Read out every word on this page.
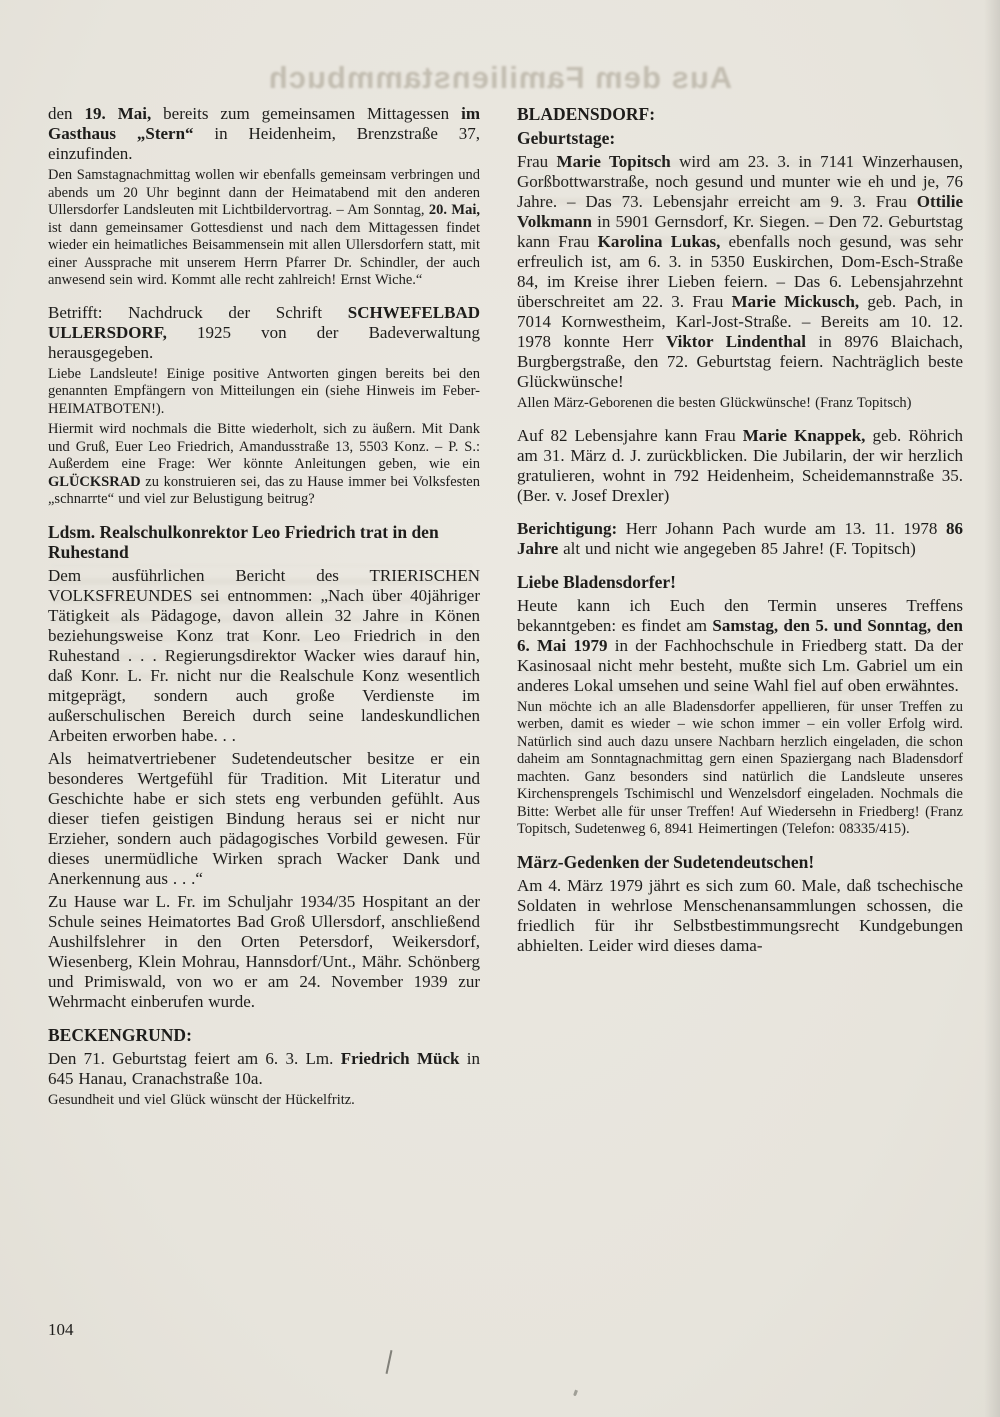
Aus dem Familienstammbuch

den 19. Mai, bereits zum gemeinsamen Mittagessen im Gasthaus „Stern“ in Heidenheim, Brenzstraße 37, einzufinden.

Den Samstagnachmittag wollen wir ebenfalls gemeinsam verbringen und abends um 20 Uhr beginnt dann der Heimatabend mit den anderen Ullersdorfer Landsleuten mit Lichtbildervortrag. – Am Sonntag, 20. Mai, ist dann gemeinsamer Gottesdienst und nach dem Mittagessen findet wieder ein heimatliches Beisammensein mit allen Ullersdorfern statt, mit einer Aussprache mit unserem Herrn Pfarrer Dr. Schindler, der auch anwesend sein wird. Kommt alle recht zahlreich! Ernst Wiche.“

Betrifft: Nachdruck der Schrift SCHWEFELBAD ULLERSDORF, 1925 von der Badeverwaltung herausgegeben.

Liebe Landsleute! Einige positive Antworten gingen bereits bei den genannten Empfängern von Mitteilungen ein (siehe Hinweis im Feber-HEIMATBOTEN!).

Hiermit wird nochmals die Bitte wiederholt, sich zu äußern. Mit Dank und Gruß, Euer Leo Friedrich, Amandusstraße 13, 5503 Konz. – P. S.: Außerdem eine Frage: Wer könnte Anleitungen geben, wie ein GLÜCKSRAD zu konstruieren sei, das zu Hause immer bei Volksfesten „schnarrte“ und viel zur Belustigung beitrug?

Ldsm. Realschulkonrektor Leo Friedrich trat in den Ruhestand

Dem ausführlichen Bericht des TRIERISCHEN VOLKSFREUNDES sei entnommen: „Nach über 40jähriger Tätigkeit als Pädagoge, davon allein 32 Jahre in Könen beziehungsweise Konz trat Konr. Leo Friedrich in den Ruhestand . . . Regierungsdirektor Wacker wies darauf hin, daß Konr. L. Fr. nicht nur die Realschule Konz wesentlich mitgeprägt, sondern auch große Verdienste im außerschulischen Bereich durch seine landeskundlichen Arbeiten erworben habe. . .

Als heimatvertriebener Sudetendeutscher besitze er ein besonderes Wertgefühl für Tradition. Mit Literatur und Geschichte habe er sich stets eng verbunden gefühlt. Aus dieser tiefen geistigen Bindung heraus sei er nicht nur Erzieher, sondern auch pädagogisches Vorbild gewesen. Für dieses unermüdliche Wirken sprach Wacker Dank und Anerkennung aus . . .“

Zu Hause war L. Fr. im Schuljahr 1934/35 Hospitant an der Schule seines Heimatortes Bad Groß Ullersdorf, anschließend Aushilfslehrer in den Orten Petersdorf, Weikersdorf, Wiesenberg, Klein Mohrau, Hannsdorf/Unt., Mähr. Schönberg und Primiswald, von wo er am 24. November 1939 zur Wehrmacht einberufen wurde.

BECKENGRUND:

Den 71. Geburtstag feiert am 6. 3. Lm. Friedrich Mück in 645 Hanau, Cranachstraße 10a.

Gesundheit und viel Glück wünscht der Hückelfritz.

BLADENSDORF:
Geburtstage:

Frau Marie Topitsch wird am 23. 3. in 7141 Winzerhausen, Gorßbottwarstraße, noch gesund und munter wie eh und je, 76 Jahre. – Das 73. Lebensjahr erreicht am 9. 3. Frau Ottilie Volkmann in 5901 Gernsdorf, Kr. Siegen. – Den 72. Geburtstag kann Frau Karolina Lukas, ebenfalls noch gesund, was sehr erfreulich ist, am 6. 3. in 5350 Euskirchen, Dom-Esch-Straße 84, im Kreise ihrer Lieben feiern. – Das 6. Lebensjahrzehnt überschreitet am 22. 3. Frau Marie Mickusch, geb. Pach, in 7014 Kornwestheim, Karl-Jost-Straße. – Bereits am 10. 12. 1978 konnte Herr Viktor Lindenthal in 8976 Blaichach, Burgbergstraße, den 72. Geburtstag feiern. Nachträglich beste Glückwünsche!

Allen März-Geborenen die besten Glückwünsche! (Franz Topitsch)

Auf 82 Lebensjahre kann Frau Marie Knappek, geb. Röhrich am 31. März d. J. zurückblicken. Die Jubilarin, der wir herzlich gratulieren, wohnt in 792 Heidenheim, Scheidemannstraße 35. (Ber. v. Josef Drexler)

Berichtigung: Herr Johann Pach wurde am 13. 11. 1978 86 Jahre alt und nicht wie angegeben 85 Jahre! (F. Topitsch)

Liebe Bladensdorfer!

Heute kann ich Euch den Termin unseres Treffens bekanntgeben: es findet am Samstag, den 5. und Sonntag, den 6. Mai 1979 in der Fachhochschule in Friedberg statt. Da der Kasinosaal nicht mehr besteht, mußte sich Lm. Gabriel um ein anderes Lokal umsehen und seine Wahl fiel auf oben erwähntes.

Nun möchte ich an alle Bladensdorfer appellieren, für unser Treffen zu werben, damit es wieder – wie schon immer – ein voller Erfolg wird. Natürlich sind auch dazu unsere Nachbarn herzlich eingeladen, die schon daheim am Sonntagnachmittag gern einen Spaziergang nach Bladensdorf machten. Ganz besonders sind natürlich die Landsleute unseres Kirchensprengels Tschimischl und Wenzelsdorf eingeladen. Nochmals die Bitte: Werbet alle für unser Treffen! Auf Wiedersehn in Friedberg! (Franz Topitsch, Sudetenweg 6, 8941 Heimertingen (Telefon: 08335/415).

März-Gedenken der Sudetendeutschen!

Am 4. März 1979 jährt es sich zum 60. Male, daß tschechische Soldaten in wehrlose Menschenansammlungen schossen, die friedlich für ihr Selbstbestimmungsrecht Kundgebungen abhielten. Leider wird dieses dama-

104
